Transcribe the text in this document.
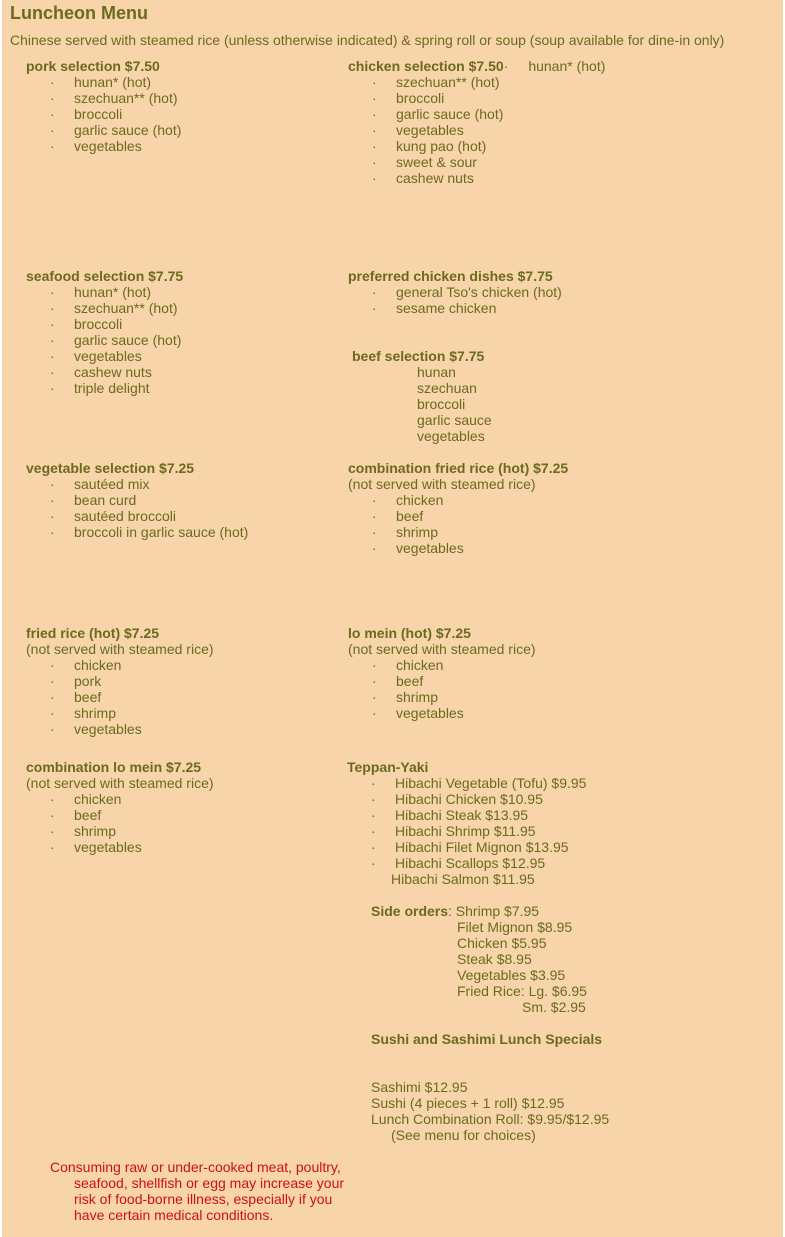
Luncheon Menu
Chinese served with steamed rice (unless otherwise indicated) & spring roll or soup (soup available for dine-in only)
pork selection $7.50
· hunan* (hot)
· szechuan** (hot)
· broccoli
· garlic sauce (hot)
· vegetables
chicken selection $7.50· hunan* (hot)
· szechuan** (hot)
· broccoli
· garlic sauce (hot)
· vegetables
· kung pao (hot)
· sweet & sour
· cashew nuts
seafood selection $7.75
· hunan* (hot)
· szechuan** (hot)
· broccoli
· garlic sauce (hot)
· vegetables
· cashew nuts
· triple delight
preferred chicken dishes $7.75
· general Tso's chicken (hot)
· sesame chicken
beef selection $7.75
hunan
szechuan
broccoli
garlic sauce
vegetables
vegetable selection $7.25
· sautéed mix
· bean curd
· sautéed broccoli
· broccoli in garlic sauce (hot)
combination fried rice (hot) $7.25
(not served with steamed rice)
· chicken
· beef
· shrimp
· vegetables
fried rice (hot) $7.25
(not served with steamed rice)
· chicken
· pork
· beef
· shrimp
· vegetables
lo mein (hot) $7.25
(not served with steamed rice)
· chicken
· beef
· shrimp
· vegetables
combination lo mein $7.25
(not served with steamed rice)
· chicken
· beef
· shrimp
· vegetables
Teppan-Yaki
· Hibachi Vegetable (Tofu) $9.95
· Hibachi Chicken $10.95
· Hibachi Steak $13.95
· Hibachi Shrimp $11.95
· Hibachi Filet Mignon $13.95
· Hibachi Scallops $12.95
Hibachi Salmon $11.95
Side orders: Shrimp $7.95
Filet Mignon $8.95
Chicken $5.95
Steak $8.95
Vegetables $3.95
Fried Rice: Lg. $6.95
Sm. $2.95
Sushi and Sashimi Lunch Specials
Sashimi $12.95
Sushi (4 pieces + 1 roll) $12.95
Lunch Combination Roll: $9.95/$12.95
(See menu for choices)
Consuming raw or under-cooked meat, poultry, seafood, shellfish or egg may increase your risk of food-borne illness, especially if you have certain medical conditions.
